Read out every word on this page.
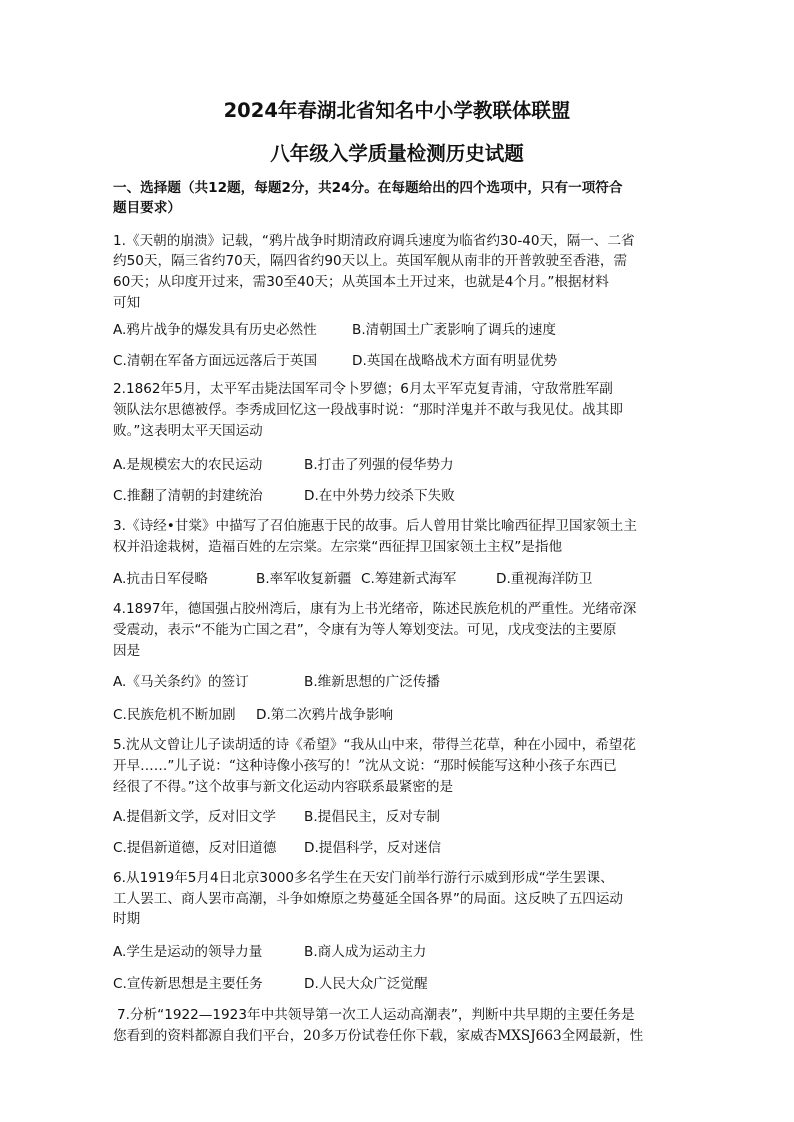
2024年春湖北省知名中小学教联体联盟
八年级入学质量检测历史试题
一、选择题（共12题，每题2分，共24分。在每题给出的四个选项中，只有一项符合
题目要求）
1.《天朝的崩溃》记载，“鸦片战争时期清政府调兵速度为临省约30-40天，隔一、二省
约50天，隔三省约70天，隔四省约90天以上。英国军舰从南非的开普敦驶至香港，需
60天；从印度开过来，需30至40天；从英国本土开过来，也就是4个月。”根据材料
可知
A.鸦片战争的爆发具有历史必然性	B.清朝国土广袤影响了调兵的速度
C.清朝在军备方面远远落后于英国	D.英国在战略战术方面有明显优势
2.1862年5月，太平军击毙法国军司令卜罗德；6月太平军克复青浦，守敌常胜军副
领队法尔思德被俘。李秀成回忆这一段战事时说：“那时洋鬼并不敢与我见仗。战其即
败。”这表明太平天国运动
A.是规模宏大的农民运动	B.打击了列强的侵华势力
C.推翻了清朝的封建统治	D.在中外势力绞杀下失败
3.《诗经•甘棠》中描写了召伯施惠于民的故事。后人曾用甘棠比喻西征捍卫国家领土主
权并沿途栽树，造福百姓的左宗棠。左宗棠“西征捍卫国家领土主权”是指他
A.抗击日军侵略	B.率军收复新疆 C.筹建新式海军	D.重视海洋防卫
4.1897年，德国强占胶州湾后，康有为上书光绪帝，陈述民族危机的严重性。光绪帝深
受震动，表示“不能为亡国之君”，令康有为等人筹划变法。可见，戊戌变法的主要原
因是
A.《马关条约》的签订	B.维新思想的广泛传播
C.民族危机不断加剧 D.第二次鸦片战争影响
5.沈从文曾让儿子读胡适的诗《希望》“我从山中来，带得兰花草，种在小园中，希望花
开早……”儿子说：“这种诗像小孩写的！”沈从文说：“那时候能写这种小孩子东西已
经很了不得。”这个故事与新文化运动内容联系最紧密的是
A.提倡新文学，反对旧文学 B.提倡民主，反对专制
C.提倡新道德，反对旧道德 D.提倡科学，反对迷信
6.从1919年5月4日北京3000多名学生在天安门前举行游行示威到形成“学生罢课、
工人罢工、商人罢市高潮，斗争如燎原之势蔓延全国各界”的局面。这反映了五四运动
时期
A.学生是运动的领导力量	B.商人成为运动主力
C.宣传新思想是主要任务	D.人民大众广泛觉醒
7.分析“1922—1923年中共领导第一次工人运动高潮表”，判断中共早期的主要任务是
您看到的资料都源自我们平台，20多万份试卷任你下载，家威杏MXSJ663全网最新，性
